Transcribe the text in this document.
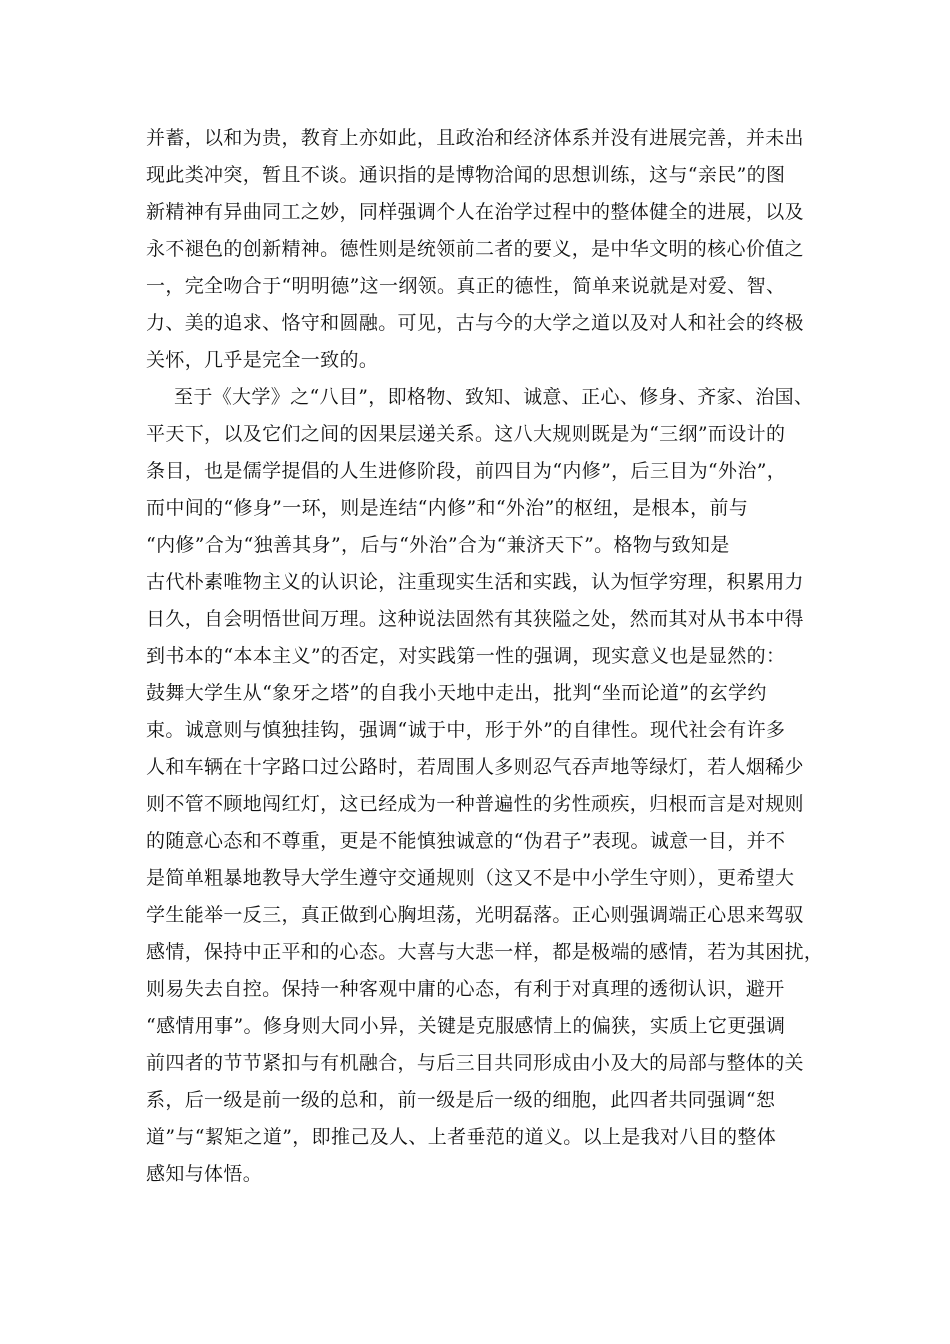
并蓄，以和为贵，教育上亦如此，且政治和经济体系并没有进展完善，并未出
现此类冲突，暂且不谈。通识指的是博物洽闻的思想训练，这与“亲民”的图
新精神有异曲同工之妙，同样强调个人在治学过程中的整体健全的进展，以及
永不褪色的创新精神。德性则是统领前二者的要义，是中华文明的核心价值之
一，完全吻合于“明明德”这一纲领。真正的德性，简单来说就是对爱、智、
力、美的追求、恪守和圆融。可见，古与今的大学之道以及对人和社会的终极
关怀，几乎是完全一致的。
至于《大学》之“八目”，即格物、致知、诚意、正心、修身、齐家、治国、
平天下，以及它们之间的因果层递关系。这八大规则既是为“三纲”而设计的
条目，也是儒学提倡的人生进修阶段，前四目为“内修”，后三目为“外治”，
而中间的“修身”一环，则是连结“内修”和“外治”的枢纽，是根本，前与
“内修”合为“独善其身”，后与“外治”合为“兼济天下”。格物与致知是
古代朴素唯物主义的认识论，注重现实生活和实践，认为恒学穷理，积累用力
日久，自会明悟世间万理。这种说法固然有其狭隘之处，然而其对从书本中得
到书本的“本本主义”的否定，对实践第一性的强调，现实意义也是显然的：
鼓舞大学生从“象牙之塔”的自我小天地中走出，批判“坐而论道”的玄学约
束。诚意则与慎独挂钩，强调“诚于中，形于外”的自律性。现代社会有许多
人和车辆在十字路口过公路时，若周围人多则忍气吞声地等绿灯，若人烟稀少
则不管不顾地闯红灯，这已经成为一种普遍性的劣性顽疾，归根而言是对规则
的随意心态和不尊重，更是不能慎独诚意的“伪君子”表现。诚意一目，并不
是简单粗暴地教导大学生遵守交通规则（这又不是中小学生守则），更希望大
学生能举一反三，真正做到心胸坦荡，光明磊落。正心则强调端正心思来驾驭
感情，保持中正平和的心态。大喜与大悲一样，都是极端的感情，若为其困扰，
则易失去自控。保持一种客观中庸的心态，有利于对真理的透彻认识，避开
“感情用事”。修身则大同小异，关键是克服感情上的偏狭，实质上它更强调
前四者的节节紧扣与有机融合，与后三目共同形成由小及大的局部与整体的关
系，后一级是前一级的总和，前一级是后一级的细胞，此四者共同强调“恕
道”与“絜矩之道”，即推己及人、上者垂范的道义。以上是我对八目的整体
感知与体悟。
